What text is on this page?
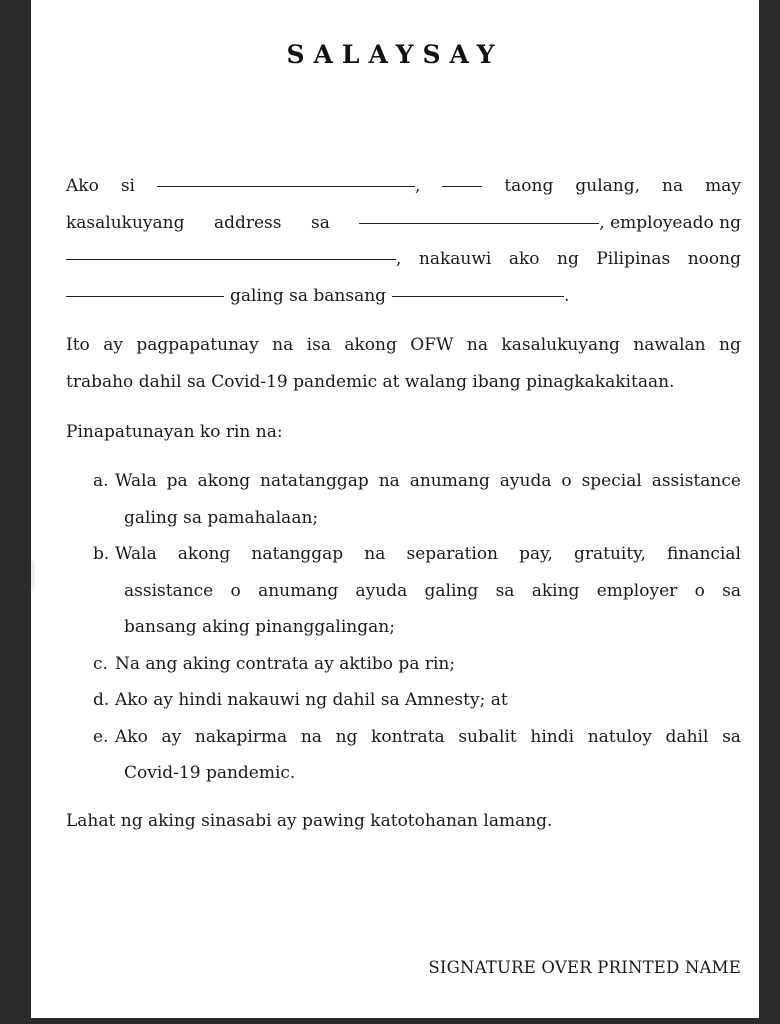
SALAYSAY
Ako si	,	taong gulang, na may
kasalukuyang address sa	, employeado ng
, nakauwi ako ng Pilipinas noong
galing sa bansang	.
Ito ay pagpapatunay na isa akong OFW na kasalukuyang nawalan ng
trabaho dahil sa Covid-19 pandemic at walang ibang pinagkakakitaan.
Pinapatunayan ko rin na:
a. Wala pa akong natatanggap na anumang ayuda o special assistance
galing sa pamahalaan;
b. Wala akong natanggap na separation pay, gratuity, financial
assistance o anumang ayuda galing sa aking employer o sa
bansang aking pinanggalingan;
c. Na ang aking contrata ay aktibo pa rin;
d. Ako ay hindi nakauwi ng dahil sa Amnesty; at
e. Ako ay nakapirma na ng kontrata subalit hindi natuloy dahil sa
Covid-19 pandemic.
Lahat ng aking sinasabi ay pawing katotohanan lamang.
SIGNATURE OVER PRINTED NAME
